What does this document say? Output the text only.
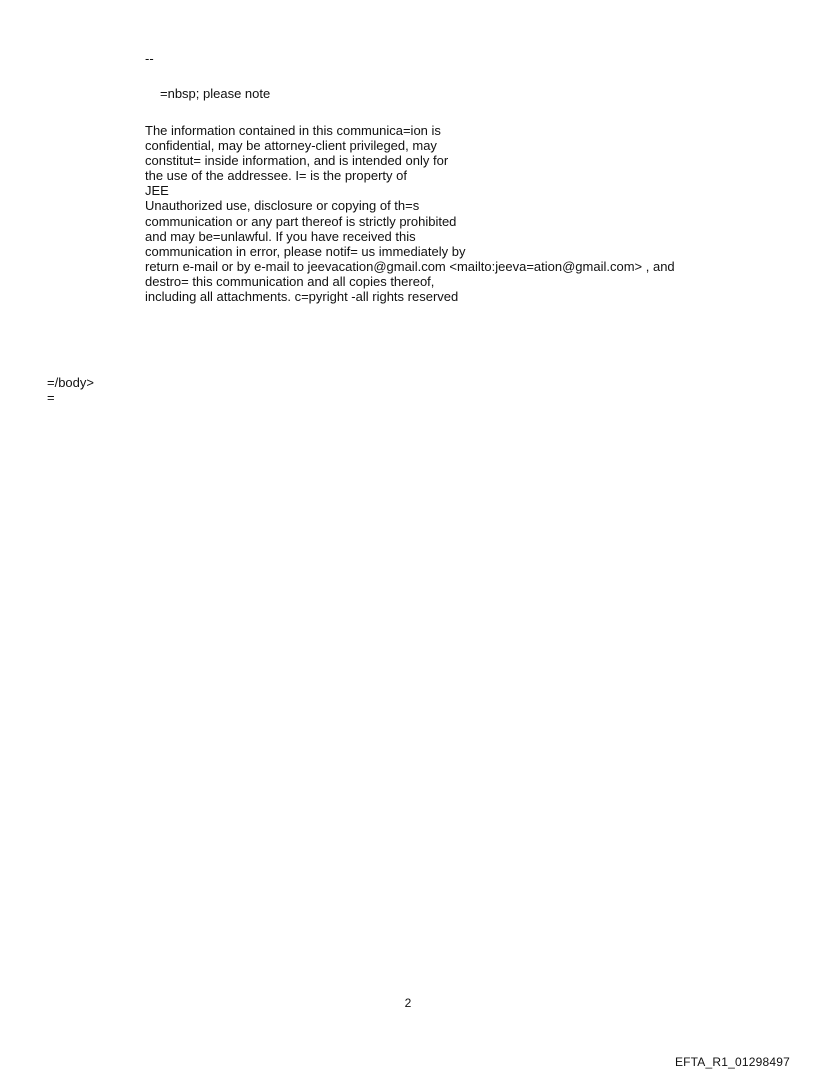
--

=nbsp; please note

The information contained in this communica=ion is
confidential, may be attorney-client privileged, may
constitut= inside information, and is intended only for
the use of the addressee. I= is the property of
JEE
Unauthorized use, disclosure or copying of th=s
communication or any part thereof is strictly prohibited
and may be=unlawful. If you have received this
communication in error, please notif= us immediately by
return e-mail or by e-mail to jeevacation@gmail.com <mailto:jeeva=ation@gmail.com> , and
destro= this communication and all copies thereof,
including all attachments. c=pyright -all rights reserved

=/body>

=

2
EFTA_R1_01298497
